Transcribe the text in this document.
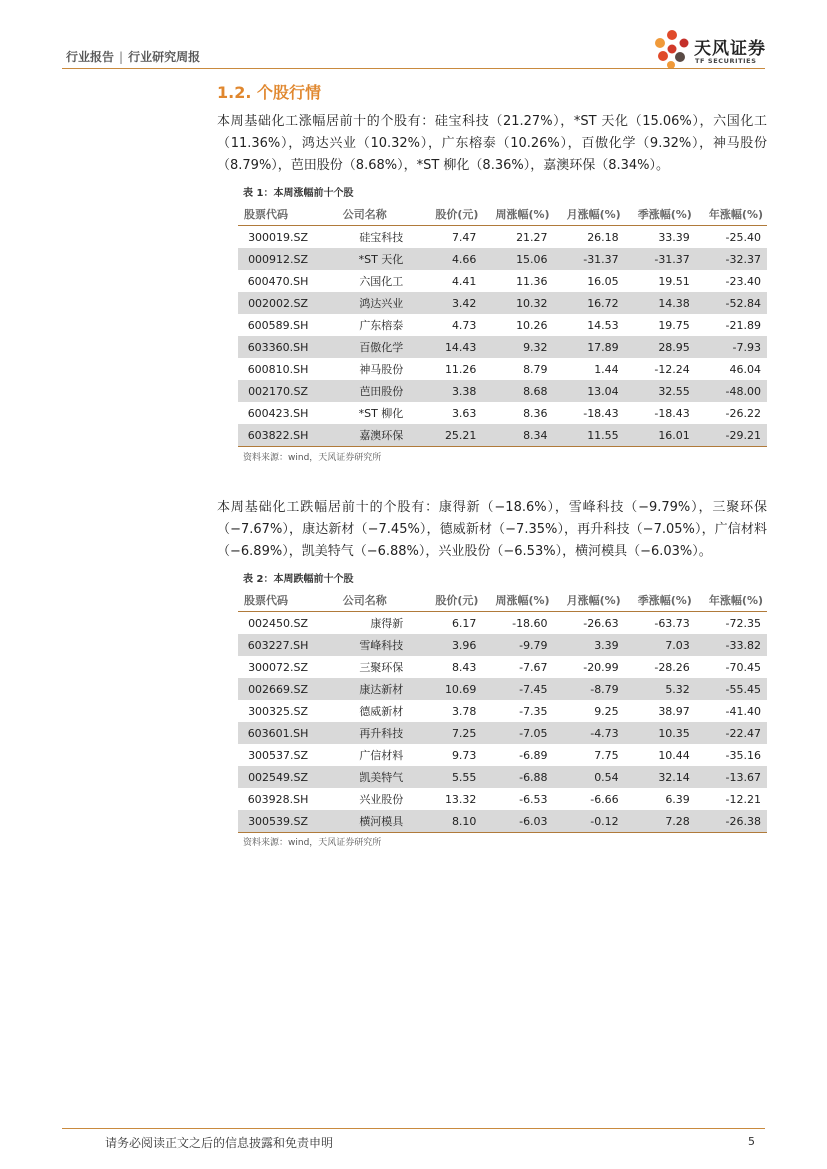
行业报告 | 行业研究周报	天风证券
TF SECURITIES
1.2. 个股行情

本周基础化工涨幅居前十的个股有：硅宝科技（21.27%），*ST 天化（15.06%），六国化工（11.36%），鸿达兴业（10.32%），广东榕泰（10.26%），百傲化学（9.32%），神马股份（8.79%），芭田股份（8.68%），*ST 柳化（8.36%），嘉澳环保（8.34%）。

表 1：本周涨幅前十个股
股票代码	公司名称	股价(元)	周涨幅(%)	月涨幅(%)	季涨幅(%)	年涨幅(%)
300019.SZ	硅宝科技	7.47	21.27	26.18	33.39	-25.40
000912.SZ	*ST 天化	4.66	15.06	-31.37	-31.37	-32.37
600470.SH	六国化工	4.41	11.36	16.05	19.51	-23.40
002002.SZ	鸿达兴业	3.42	10.32	16.72	14.38	-52.84
600589.SH	广东榕泰	4.73	10.26	14.53	19.75	-21.89
603360.SH	百傲化学	14.43	9.32	17.89	28.95	-7.93
600810.SH	神马股份	11.26	8.79	1.44	-12.24	46.04
002170.SZ	芭田股份	3.38	8.68	13.04	32.55	-48.00
600423.SH	*ST 柳化	3.63	8.36	-18.43	-18.43	-26.22
603822.SH	嘉澳环保	25.21	8.34	11.55	16.01	-29.21
资料来源：wind，天风证券研究所

本周基础化工跌幅居前十的个股有：康得新（−18.6%），雪峰科技（−9.79%），三聚环保（−7.67%），康达新材（−7.45%），德威新材（−7.35%），再升科技（−7.05%），广信材料（−6.89%），凯美特气（−6.88%），兴业股份（−6.53%），横河模具（−6.03%）。

表 2：本周跌幅前十个股
股票代码	公司名称	股价(元)	周涨幅(%)	月涨幅(%)	季涨幅(%)	年涨幅(%)
002450.SZ	康得新	6.17	-18.60	-26.63	-63.73	-72.35
603227.SH	雪峰科技	3.96	-9.79	3.39	7.03	-33.82
300072.SZ	三聚环保	8.43	-7.67	-20.99	-28.26	-70.45
002669.SZ	康达新材	10.69	-7.45	-8.79	5.32	-55.45
300325.SZ	德威新材	3.78	-7.35	9.25	38.97	-41.40
603601.SH	再升科技	7.25	-7.05	-4.73	10.35	-22.47
300537.SZ	广信材料	9.73	-6.89	7.75	10.44	-35.16
002549.SZ	凯美特气	5.55	-6.88	0.54	32.14	-13.67
603928.SH	兴业股份	13.32	-6.53	-6.66	6.39	-12.21
300539.SZ	横河模具	8.10	-6.03	-0.12	7.28	-26.38
资料来源：wind，天风证券研究所
请务必阅读正文之后的信息披露和免责申明	5
